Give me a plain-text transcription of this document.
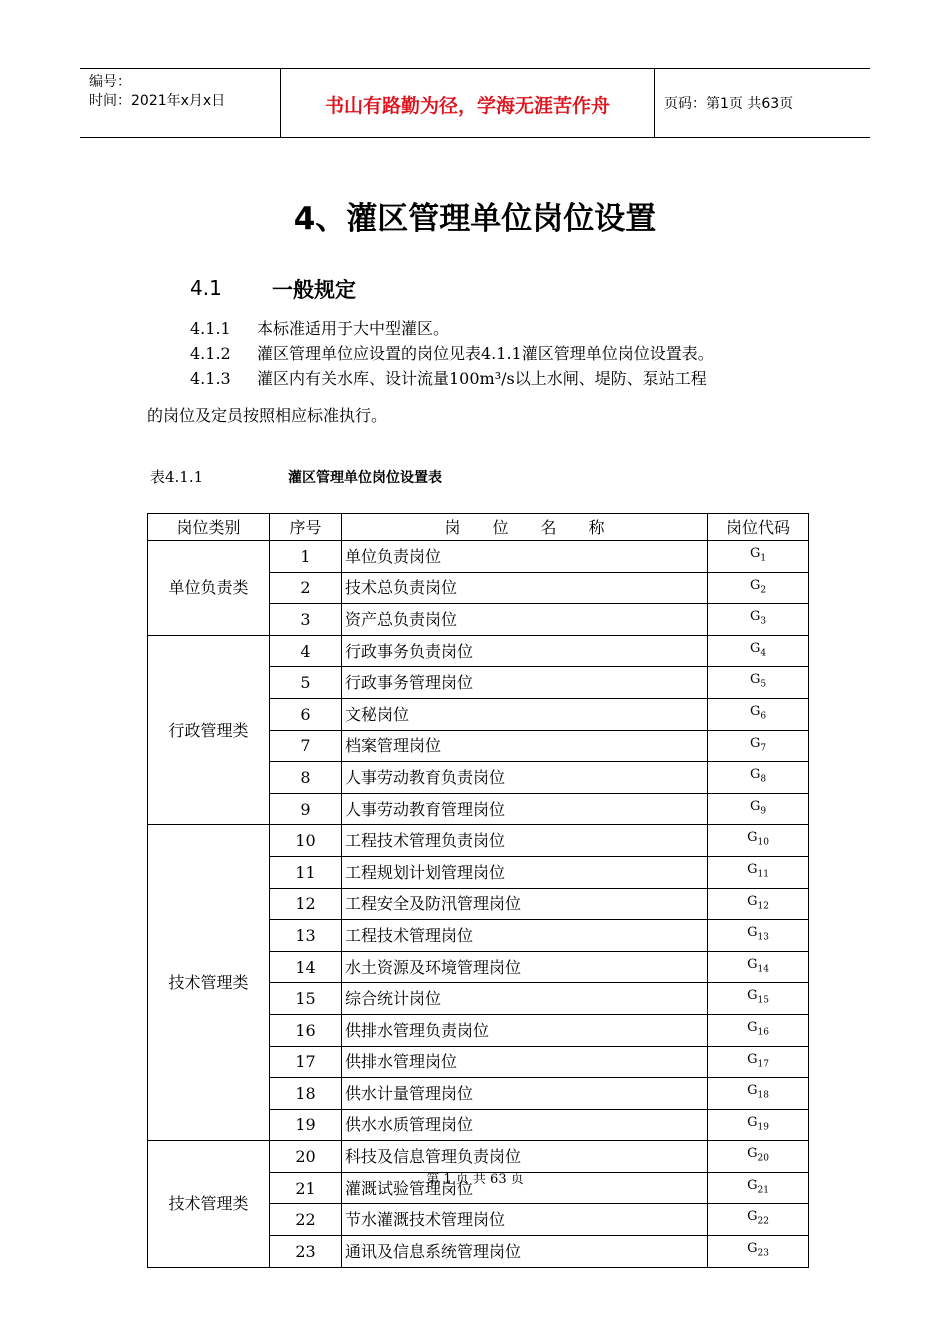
编号：
时间：2021年x月x日	书山有路勤为径，学海无涯苦作舟	页码：第1页 共63页
4、灌区管理单位岗位设置
4.1 一般规定
4.1.1 本标准适用于大中型灌区。
4.1.2 灌区管理单位应设置的岗位见表4.1.1灌区管理单位岗位设置表。
4.1.3 灌区内有关水库、设计流量100m³/s以上水闸、堤防、泵站工程
的岗位及定员按照相应标准执行。
表4.1.1	灌区管理单位岗位设置表
岗位类别	序号	岗　　位　　名　　称	岗位代码
单位负责类	1	单位负责岗位	$G_1$
	2	技术总负责岗位	$G_2$
	3	资产总负责岗位	$G_3$
行政管理类	4	行政事务负责岗位	$G_4$
	5	行政事务管理岗位	$G_5$
	6	文秘岗位	$G_6$
	7	档案管理岗位	$G_7$
	8	人事劳动教育负责岗位	$G_8$
	9	人事劳动教育管理岗位	$G_9$
技术管理类	10	工程技术管理负责岗位	$G_{10}$
	11	工程规划计划管理岗位	$G_{11}$
	12	工程安全及防汛管理岗位	$G_{12}$
	13	工程技术管理岗位	$G_{13}$
	14	水土资源及环境管理岗位	$G_{14}$
	15	综合统计岗位	$G_{15}$
	16	供排水管理负责岗位	$G_{16}$
	17	供排水管理岗位	$G_{17}$
	18	供水计量管理岗位	$G_{18}$
	19	供水水质管理岗位	$G_{19}$
技术管理类	20	科技及信息管理负责岗位	$G_{20}$
	21	灌溉试验管理岗位	$G_{21}$
	22	节水灌溉技术管理岗位	$G_{22}$
	23	通讯及信息系统管理岗位	$G_{23}$
第 1 页 共 63 页
